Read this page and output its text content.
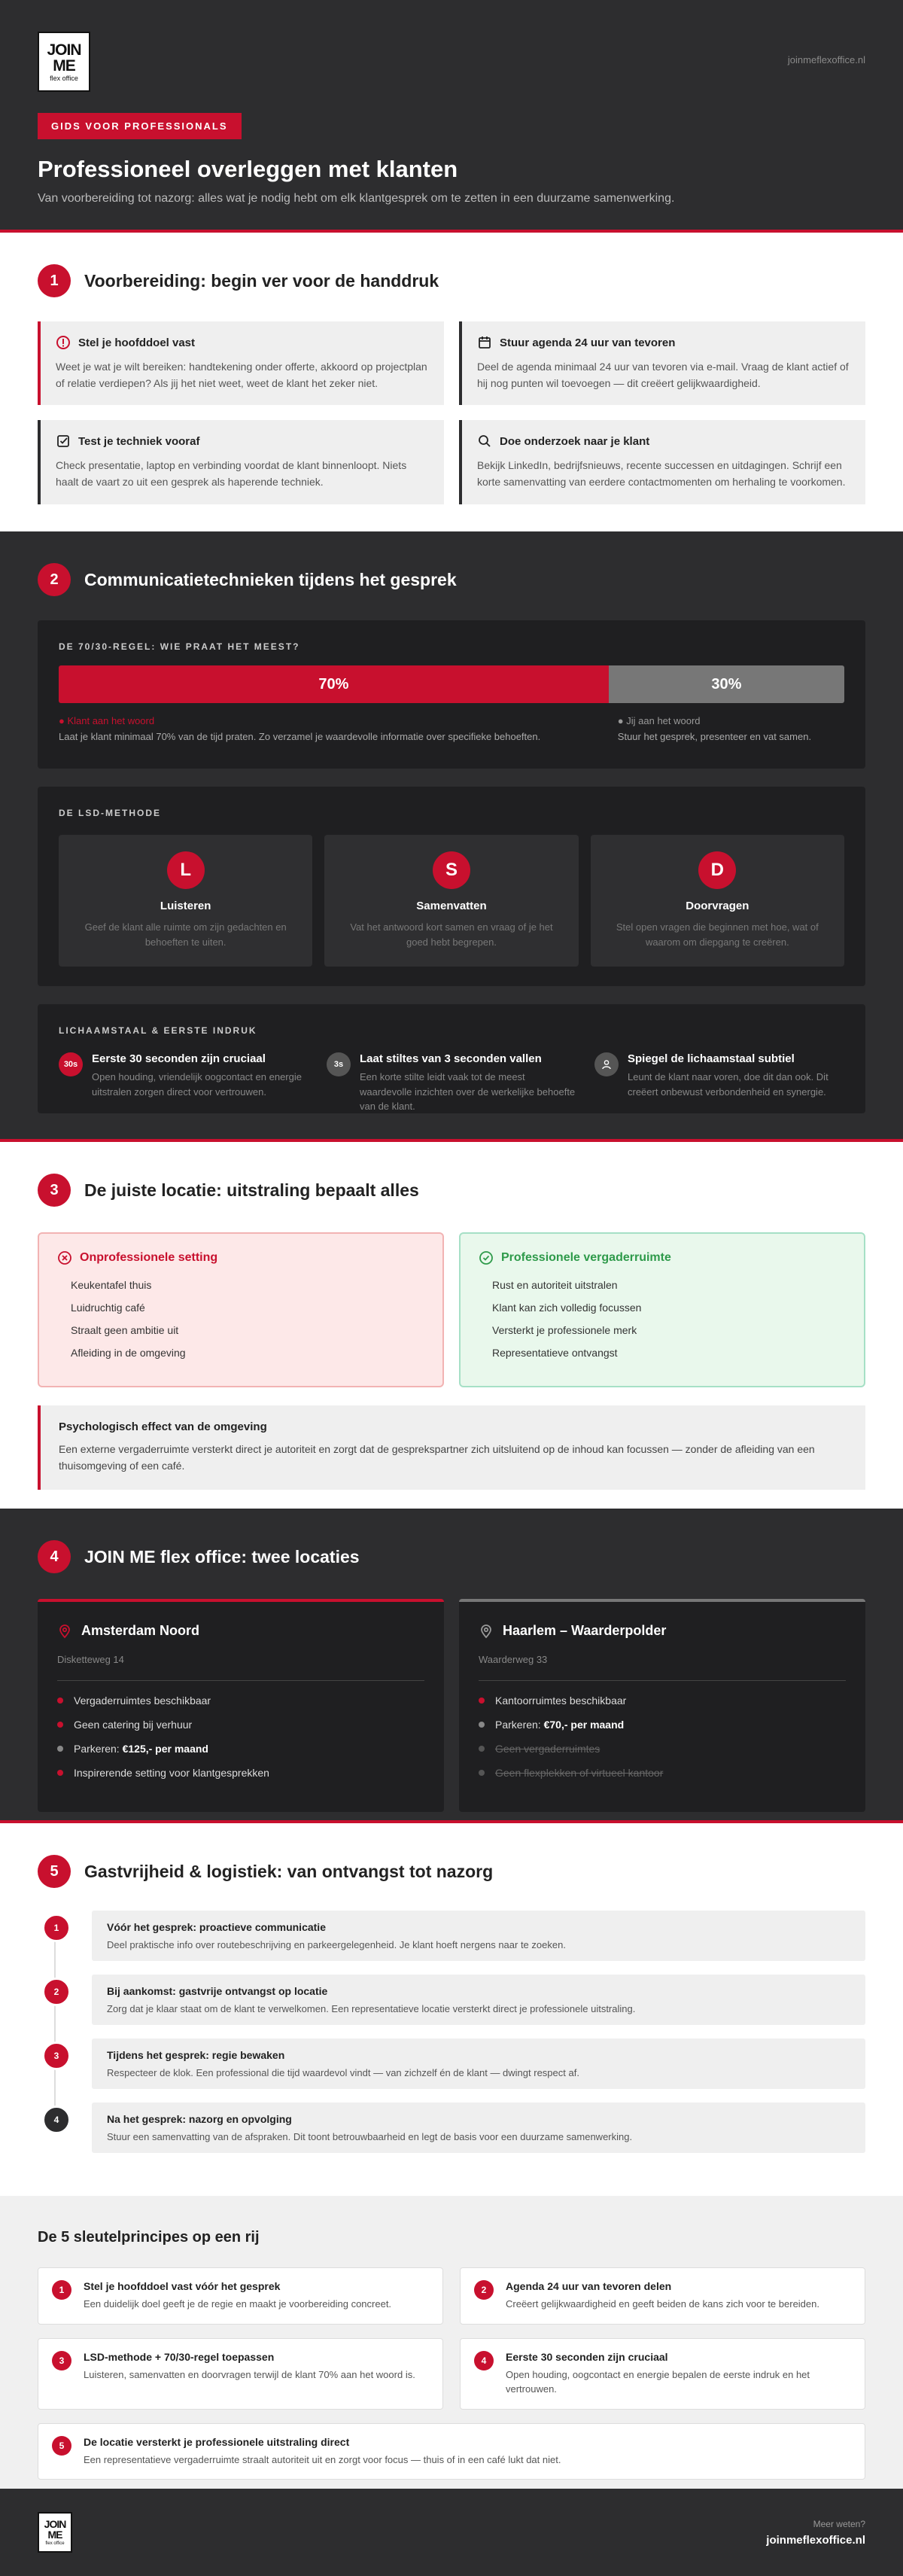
JOIN
ME
flex office
joinmeflexoffice.nl
GIDS VOOR PROFESSIONALS
Professioneel overleggen met klanten
Van voorbereiding tot nazorg: alles wat je nodig hebt om elk klantgesprek om te zetten in een duurzame samenwerking.
1	Voorbereiding: begin ver voor de handdruk
Stel je hoofddoel vast
Weet je wat je wilt bereiken: handtekening onder offerte, akkoord op projectplan of relatie verdiepen? Als jij het niet weet, weet de klant het zeker niet.
Stuur agenda 24 uur van tevoren
Deel de agenda minimaal 24 uur van tevoren via e-mail. Vraag de klant actief of hij nog punten wil toevoegen — dit creëert gelijkwaardigheid.
Test je techniek vooraf
Check presentatie, laptop en verbinding voordat de klant binnenloopt. Niets haalt de vaart zo uit een gesprek als haperende techniek.
Doe onderzoek naar je klant
Bekijk LinkedIn, bedrijfsnieuws, recente successen en uitdagingen. Schrijf een korte samenvatting van eerdere contactmomenten om herhaling te voorkomen.
2	Communicatietechnieken tijdens het gesprek
DE 70/30-REGEL: WIE PRAAT HET MEEST?
70%	30%
● Klant aan het woord
Laat je klant minimaal 70% van de tijd praten. Zo verzamel je waardevolle informatie over specifieke behoeften.
● Jij aan het woord
Stuur het gesprek, presenteer en vat samen.
DE LSD-METHODE
L
Luisteren
Geef de klant alle ruimte om zijn gedachten en behoeften te uiten.
S
Samenvatten
Vat het antwoord kort samen en vraag of je het goed hebt begrepen.
D
Doorvragen
Stel open vragen die beginnen met hoe, wat of waarom om diepgang te creëren.
LICHAAMSTAAL & EERSTE INDRUK
30s	Eerste 30 seconden zijn cruciaal
Open houding, vriendelijk oogcontact en energie uitstralen zorgen direct voor vertrouwen.
3s	Laat stiltes van 3 seconden vallen
Een korte stilte leidt vaak tot de meest waardevolle inzichten over de werkelijke behoefte van de klant.
Spiegel de lichaamstaal subtiel
Leunt de klant naar voren, doe dit dan ook. Dit creëert onbewust verbondenheid en synergie.
3	De juiste locatie: uitstraling bepaalt alles
Onprofessionele setting
Keukentafel thuis
Luidruchtig café
Straalt geen ambitie uit
Afleiding in de omgeving
Professionele vergaderruimte
Rust en autoriteit uitstralen
Klant kan zich volledig focussen
Versterkt je professionele merk
Representatieve ontvangst
Psychologisch effect van de omgeving
Een externe vergaderruimte versterkt direct je autoriteit en zorgt dat de gesprekspartner zich uitsluitend op de inhoud kan focussen — zonder de afleiding van een thuisomgeving of een café.
4	JOIN ME flex office: twee locaties
Amsterdam Noord
Disketteweg 14
Vergaderruimtes beschikbaar
Geen catering bij verhuur
Parkeren: €125,- per maand
Inspirerende setting voor klantgesprekken
Haarlem – Waarderpolder
Waarderweg 33
Kantoorruimtes beschikbaar
Parkeren: €70,- per maand
Geen vergaderruimtes
Geen flexplekken of virtueel kantoor
5	Gastvrijheid & logistiek: van ontvangst tot nazorg
1	Vóór het gesprek: proactieve communicatie
Deel praktische info over routebeschrijving en parkeergelegenheid. Je klant hoeft nergens naar te zoeken.
2	Bij aankomst: gastvrije ontvangst op locatie
Zorg dat je klaar staat om de klant te verwelkomen. Een representatieve locatie versterkt direct je professionele uitstraling.
3	Tijdens het gesprek: regie bewaken
Respecteer de klok. Een professional die tijd waardevol vindt — van zichzelf én de klant — dwingt respect af.
4	Na het gesprek: nazorg en opvolging
Stuur een samenvatting van de afspraken. Dit toont betrouwbaarheid en legt de basis voor een duurzame samenwerking.
De 5 sleutelprincipes op een rij
1	Stel je hoofddoel vast vóór het gesprek
Een duidelijk doel geeft je de regie en maakt je voorbereiding concreet.
2	Agenda 24 uur van tevoren delen
Creëert gelijkwaardigheid en geeft beiden de kans zich voor te bereiden.
3	LSD-methode + 70/30-regel toepassen
Luisteren, samenvatten en doorvragen terwijl de klant 70% aan het woord is.
4	Eerste 30 seconden zijn cruciaal
Open houding, oogcontact en energie bepalen de eerste indruk en het vertrouwen.
5	De locatie versterkt je professionele uitstraling direct
Een representatieve vergaderruimte straalt autoriteit uit en zorgt voor focus — thuis of in een café lukt dat niet.
JOIN
ME
flex office
Meer weten?
joinmeflexoffice.nl
